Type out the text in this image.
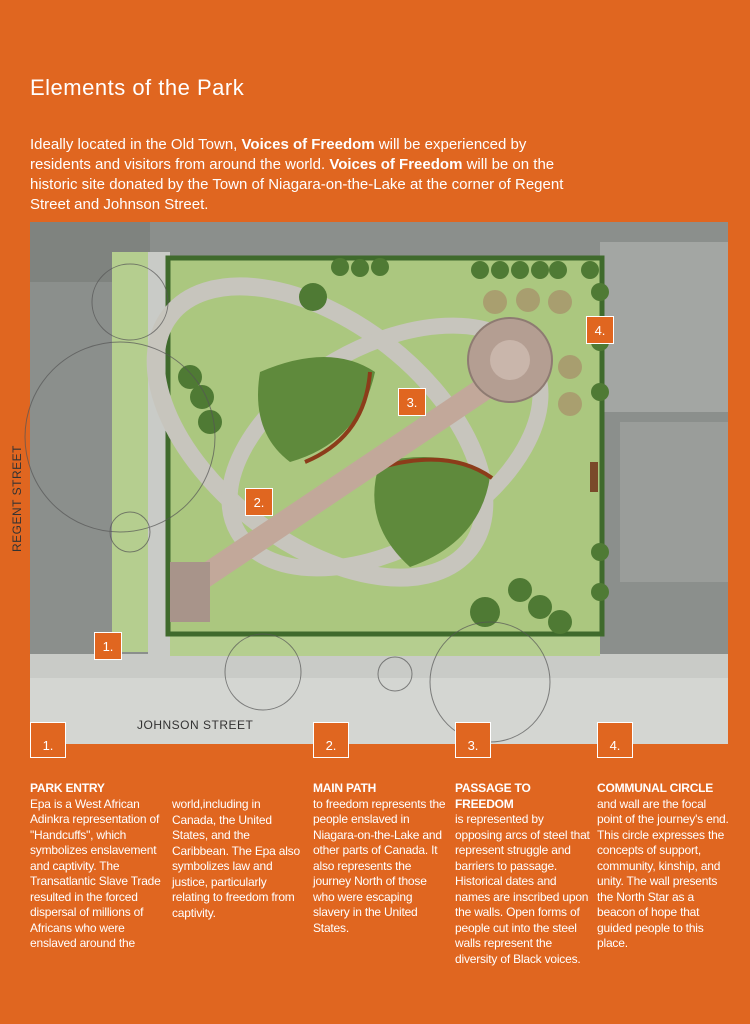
Elements of the Park

Ideally located in the Old Town, Voices of Freedom will be experienced by residents and visitors from around the world. Voices of Freedom will be on the historic site donated by the Town of Niagara-on-the-Lake at the corner of Regent Street and Johnson Street.

REGENT STREET
JOHNSON STREET
1.
2.
3.
4.
1.	2.	3.	4.
PARK ENTRY
Epa is a West African Adinkra representation of "Handcuffs", which symbolizes enslavement and captivity. The Transatlantic Slave Trade resulted in the forced dispersal of millions of Africans who were enslaved around the
world,including in Canada, the United States, and the Caribbean. The Epa also symbolizes law and justice, particularly relating to freedom from captivity.
MAIN PATH
to freedom represents the people enslaved in Niagara-on-the-Lake and other parts of Canada. It also represents the journey North of those who were escaping slavery in the United States.
PASSAGE TO FREEDOM
is represented by opposing arcs of steel that represent struggle and barriers to passage. Historical dates and names are inscribed upon the walls. Open forms of people cut into the steel walls represent the diversity of Black voices.
COMMUNAL CIRCLE
and wall are the focal point of the journey's end. This circle expresses the concepts of support, community, kinship, and unity. The wall presents the North Star as a beacon of hope that guided people to this place.
